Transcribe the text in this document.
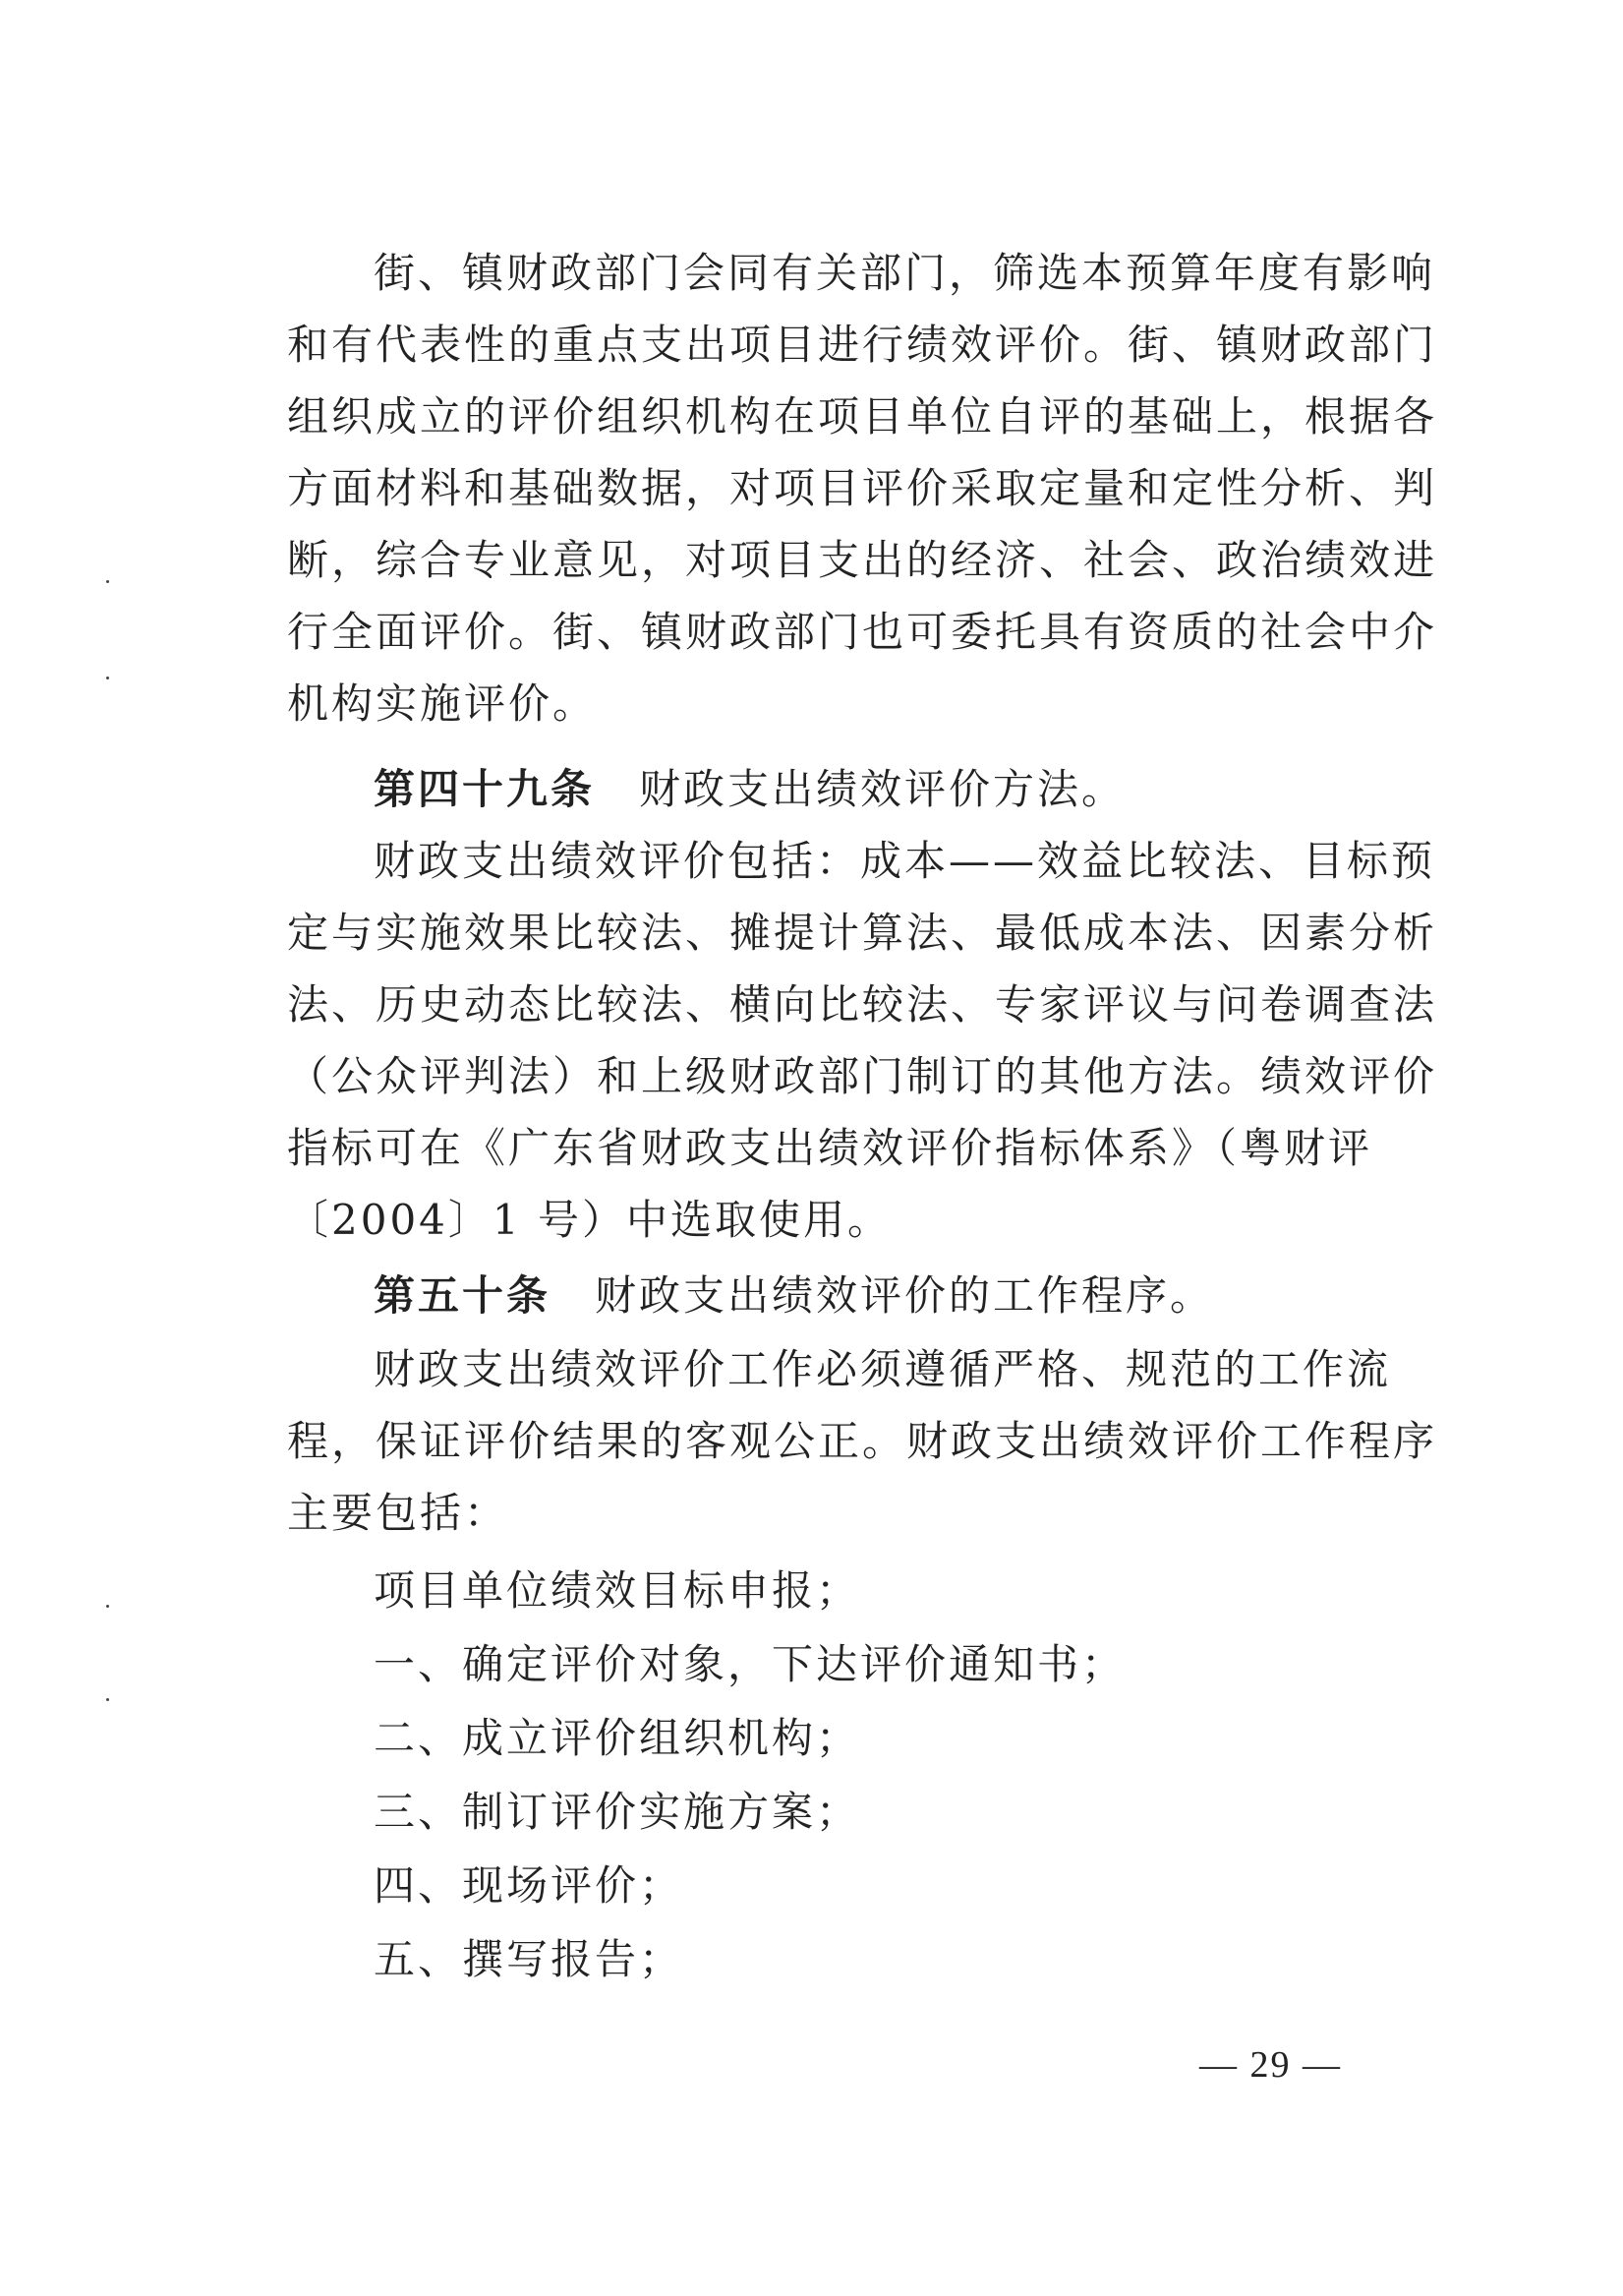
街、镇财政部门会同有关部门，筛选本预算年度有影响
和有代表性的重点支出项目进行绩效评价。街、镇财政部门
组织成立的评价组织机构在项目单位自评的基础上，根据各
方面材料和基础数据，对项目评价采取定量和定性分析、判
断，综合专业意见，对项目支出的经济、社会、政治绩效进
行全面评价。街、镇财政部门也可委托具有资质的社会中介
机构实施评价。
第四十九条　 财政支出绩效评价方法。
财政支出绩效评价包括：成本——效益比较法、目标预
定与实施效果比较法、摊提计算法、最低成本法、因素分析
法、历史动态比较法、横向比较法、专家评议与问卷调查法
（公众评判法）和上级财政部门制订的其他方法。绩效评价
指标可在《广东省财政支出绩效评价指标体系》（粤财评
〔2004〕1 号）中选取使用。
第五十条　 财政支出绩效评价的工作程序。
财政支出绩效评价工作必须遵循严格、规范的工作流
程，保证评价结果的客观公正。财政支出绩效评价工作程序
主要包括：
项目单位绩效目标申报；
一、确定评价对象，下达评价通知书；
二、成立评价组织机构；
三、制订评价实施方案；
四、现场评价；
五、撰写报告；
— 29 —
